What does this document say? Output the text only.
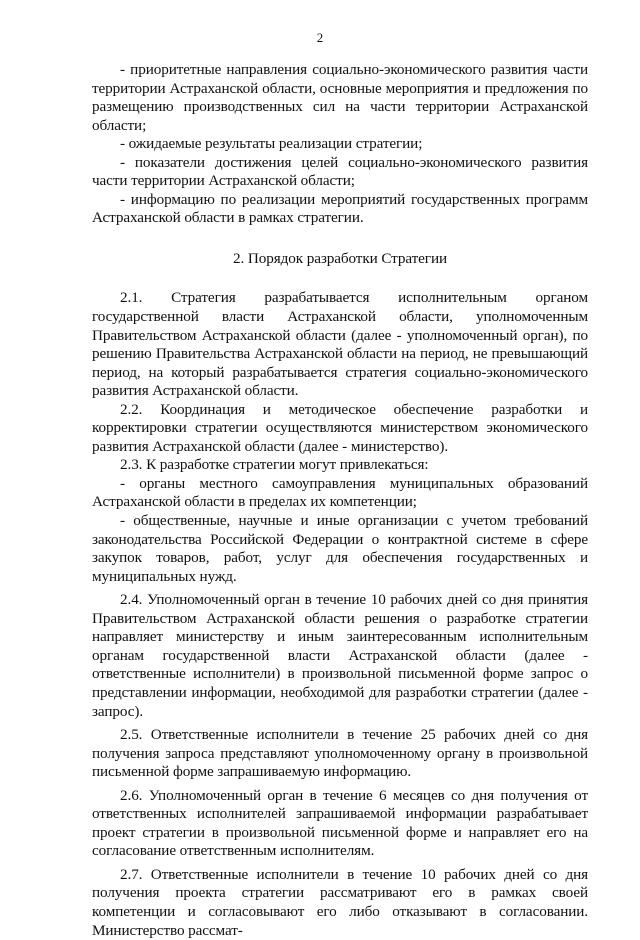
2

- приоритетные направления социально-экономического развития части территории Астраханской области, основные мероприятия и предложения по размещению производственных сил на части территории Астраханской области;

- ожидаемые результаты реализации стратегии;

- показатели достижения целей социально-экономического развития части территории Астраханской области;

- информацию по реализации мероприятий государственных программ Астраханской области в рамках стратегии.

2. Порядок разработки Стратегии

2.1. Стратегия разрабатывается исполнительным органом государственной власти Астраханской области, уполномоченным Правительством Астраханской области (далее - уполномоченный орган), по решению Правительства Астраханской области на период, не превышающий период, на который разрабатывается стратегия социально-экономического развития Астраханской области.

2.2. Координация и методическое обеспечение разработки и корректировки стратегии осуществляются министерством экономического развития Астраханской области (далее - министерство).

2.3. К разработке стратегии могут привлекаться:

- органы местного самоуправления муниципальных образований Астраханской области в пределах их компетенции;

- общественные, научные и иные организации с учетом требований законодательства Российской Федерации о контрактной системе в сфере закупок товаров, работ, услуг для обеспечения государственных и муниципальных нужд.

2.4. Уполномоченный орган в течение 10 рабочих дней со дня принятия Правительством Астраханской области решения о разработке стратегии направляет министерству и иным заинтересованным исполнительным органам государственной власти Астраханской области (далее - ответственные исполнители) в произвольной письменной форме запрос о представлении информации, необходимой для разработки стратегии (далее - запрос).

2.5. Ответственные исполнители в течение 25 рабочих дней со дня получения запроса представляют уполномоченному органу в произвольной письменной форме запрашиваемую информацию.

2.6. Уполномоченный орган в течение 6 месяцев со дня получения от ответственных исполнителей запрашиваемой информации разрабатывает проект стратегии в произвольной письменной форме и направляет его на согласование ответственным исполнителям.

2.7. Ответственные исполнители в течение 10 рабочих дней со дня получения проекта стратегии рассматривают его в рамках своей компетенции и согласовывают его либо отказывают в согласовании. Министерство рассмат-
